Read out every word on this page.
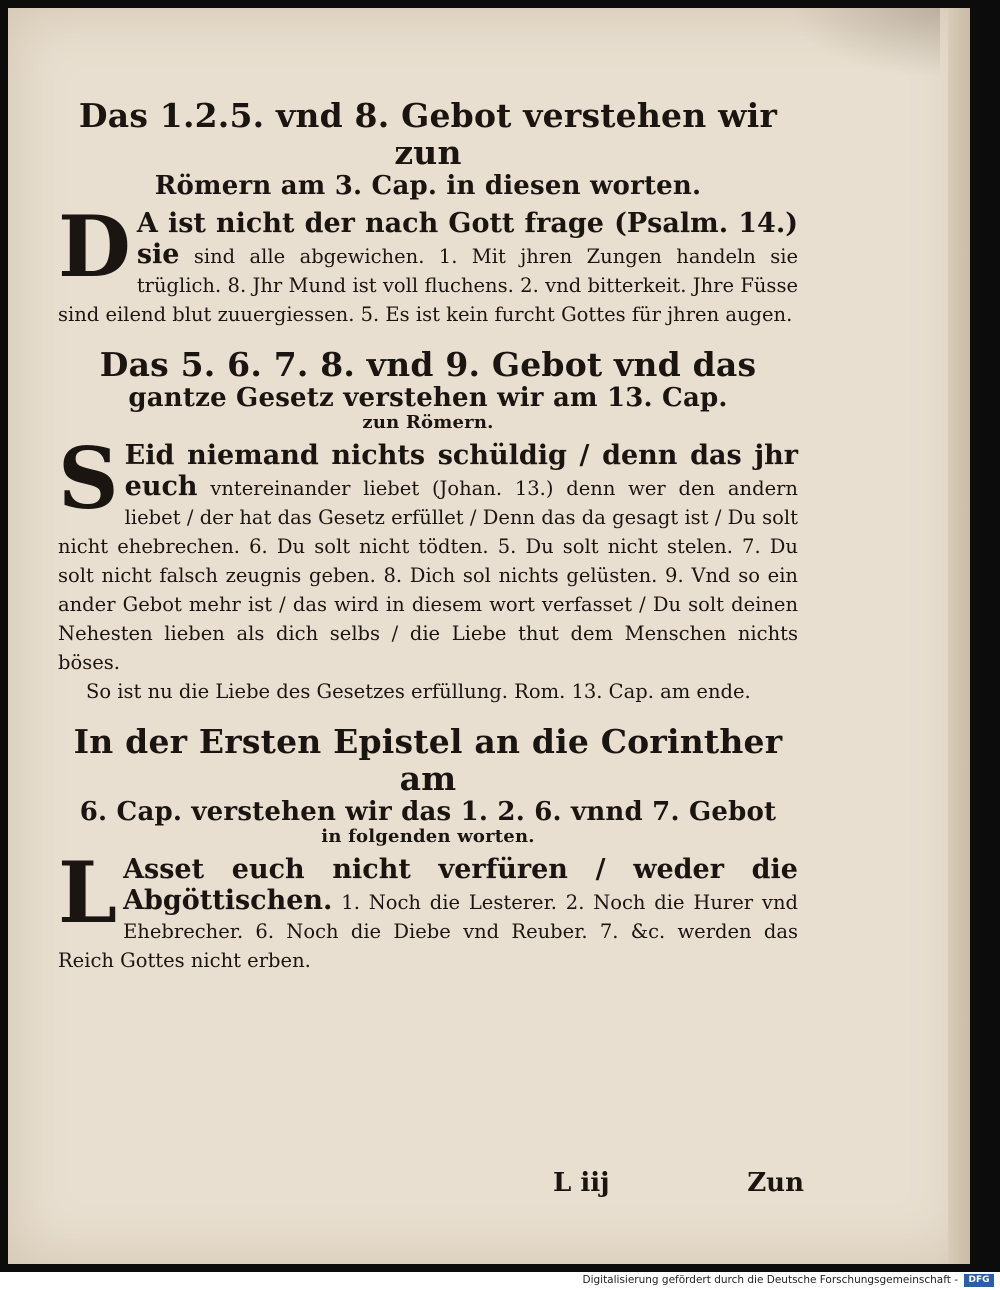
Das 1.2.5. vnd 8. Gebot verstehen wir zun

Römern am 3. Cap. in diesen worten.

D A ist nicht der nach Gott frage (Psalm. 14.) sie sind alle abgewichen. 1. Mit jhren Zungen handeln sie trüglich. 8. Jhr Mund ist voll fluchens. 2. vnd bitterkeit. Jhre Füsse sind eilend blut zuuergiessen. 5. Es ist kein furcht Gottes für jhren augen.

Das 5. 6. 7. 8. vnd 9. Gebot vnd das

gantze Gesetz verstehen wir am 13. Cap.

zun Römern.

S Eid niemand nichts schüldig / denn das jhr euch vntereinander liebet (Johan. 13.) denn wer den andern liebet / der hat das Gesetz erfüllet / Denn das da gesagt ist / Du solt nicht ehebrechen. 6. Du solt nicht tödten. 5. Du solt nicht stelen. 7. Du solt nicht falsch zeugnis geben. 8. Dich sol nichts gelüsten. 9. Vnd so ein ander Gebot mehr ist / das wird in diesem wort verfasset / Du solt deinen Nehesten lieben als dich selbs / die Liebe thut dem Menschen nichts böses.

So ist nu die Liebe des Gesetzes erfüllung. Rom. 13. Cap. am ende.

In der Ersten Epistel an die Corinther am

6. Cap. verstehen wir das 1. 2. 6. vnnd 7. Gebot

in folgenden worten.

L Asset euch nicht verfüren / weder die Abgöttischen. 1. Noch die Lesterer. 2. Noch die Hurer vnd Ehebrecher. 6. Noch die Diebe vnd Reuber. 7. &c. werden das Reich Gottes nicht erben.

L iij	Zun
Digitalisierung gefördert durch die Deutsche Forschungsgemeinschaft -	DFG
